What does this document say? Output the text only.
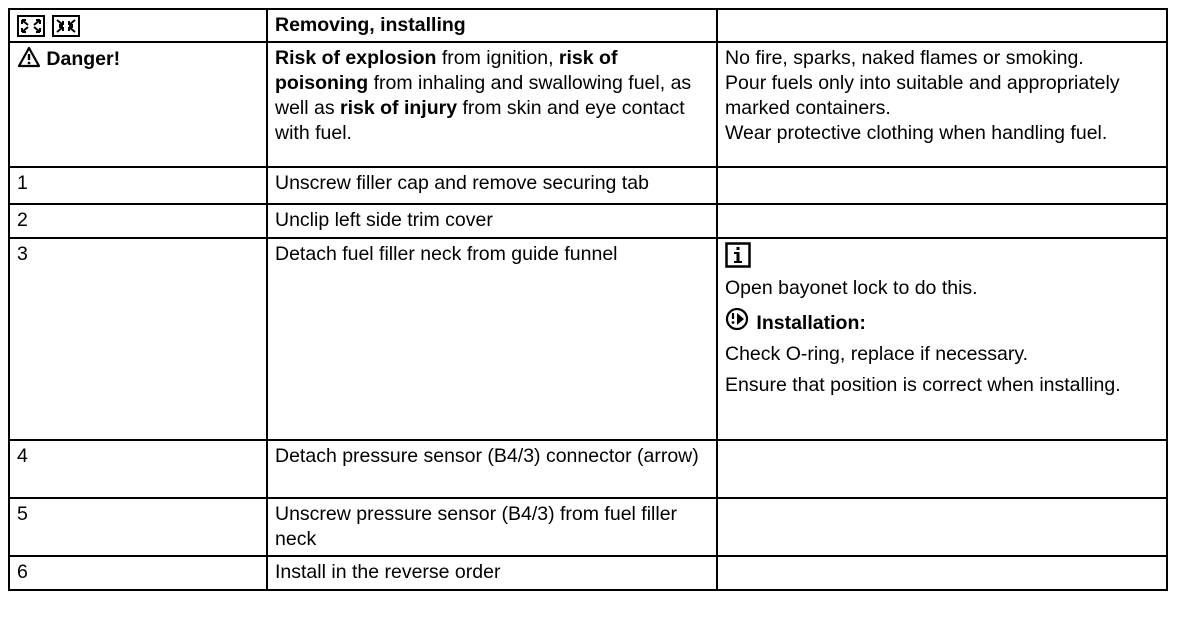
	Removing, installing	
Danger!	Risk of explosion from ignition, risk of poisoning from inhaling and swallowing fuel, as well as risk of injury from skin and eye contact with fuel.	No fire, sparks, naked flames or smoking.
Pour fuels only into suitable and appropriately marked containers.
Wear protective clothing when handling fuel.

1	Unscrew filler cap and remove securing tab	
2	Unclip left side trim cover	
3	Detach fuel filler neck from guide funnel	Open bayonet lock to do this.
Installation:
Check O-ring, replace if necessary.
Ensure that position is correct when installing.

4	Detach pressure sensor (B4/3) connector (arrow)	
5	Unscrew pressure sensor (B4/3) from fuel filler neck	
6	Install in the reverse order	
